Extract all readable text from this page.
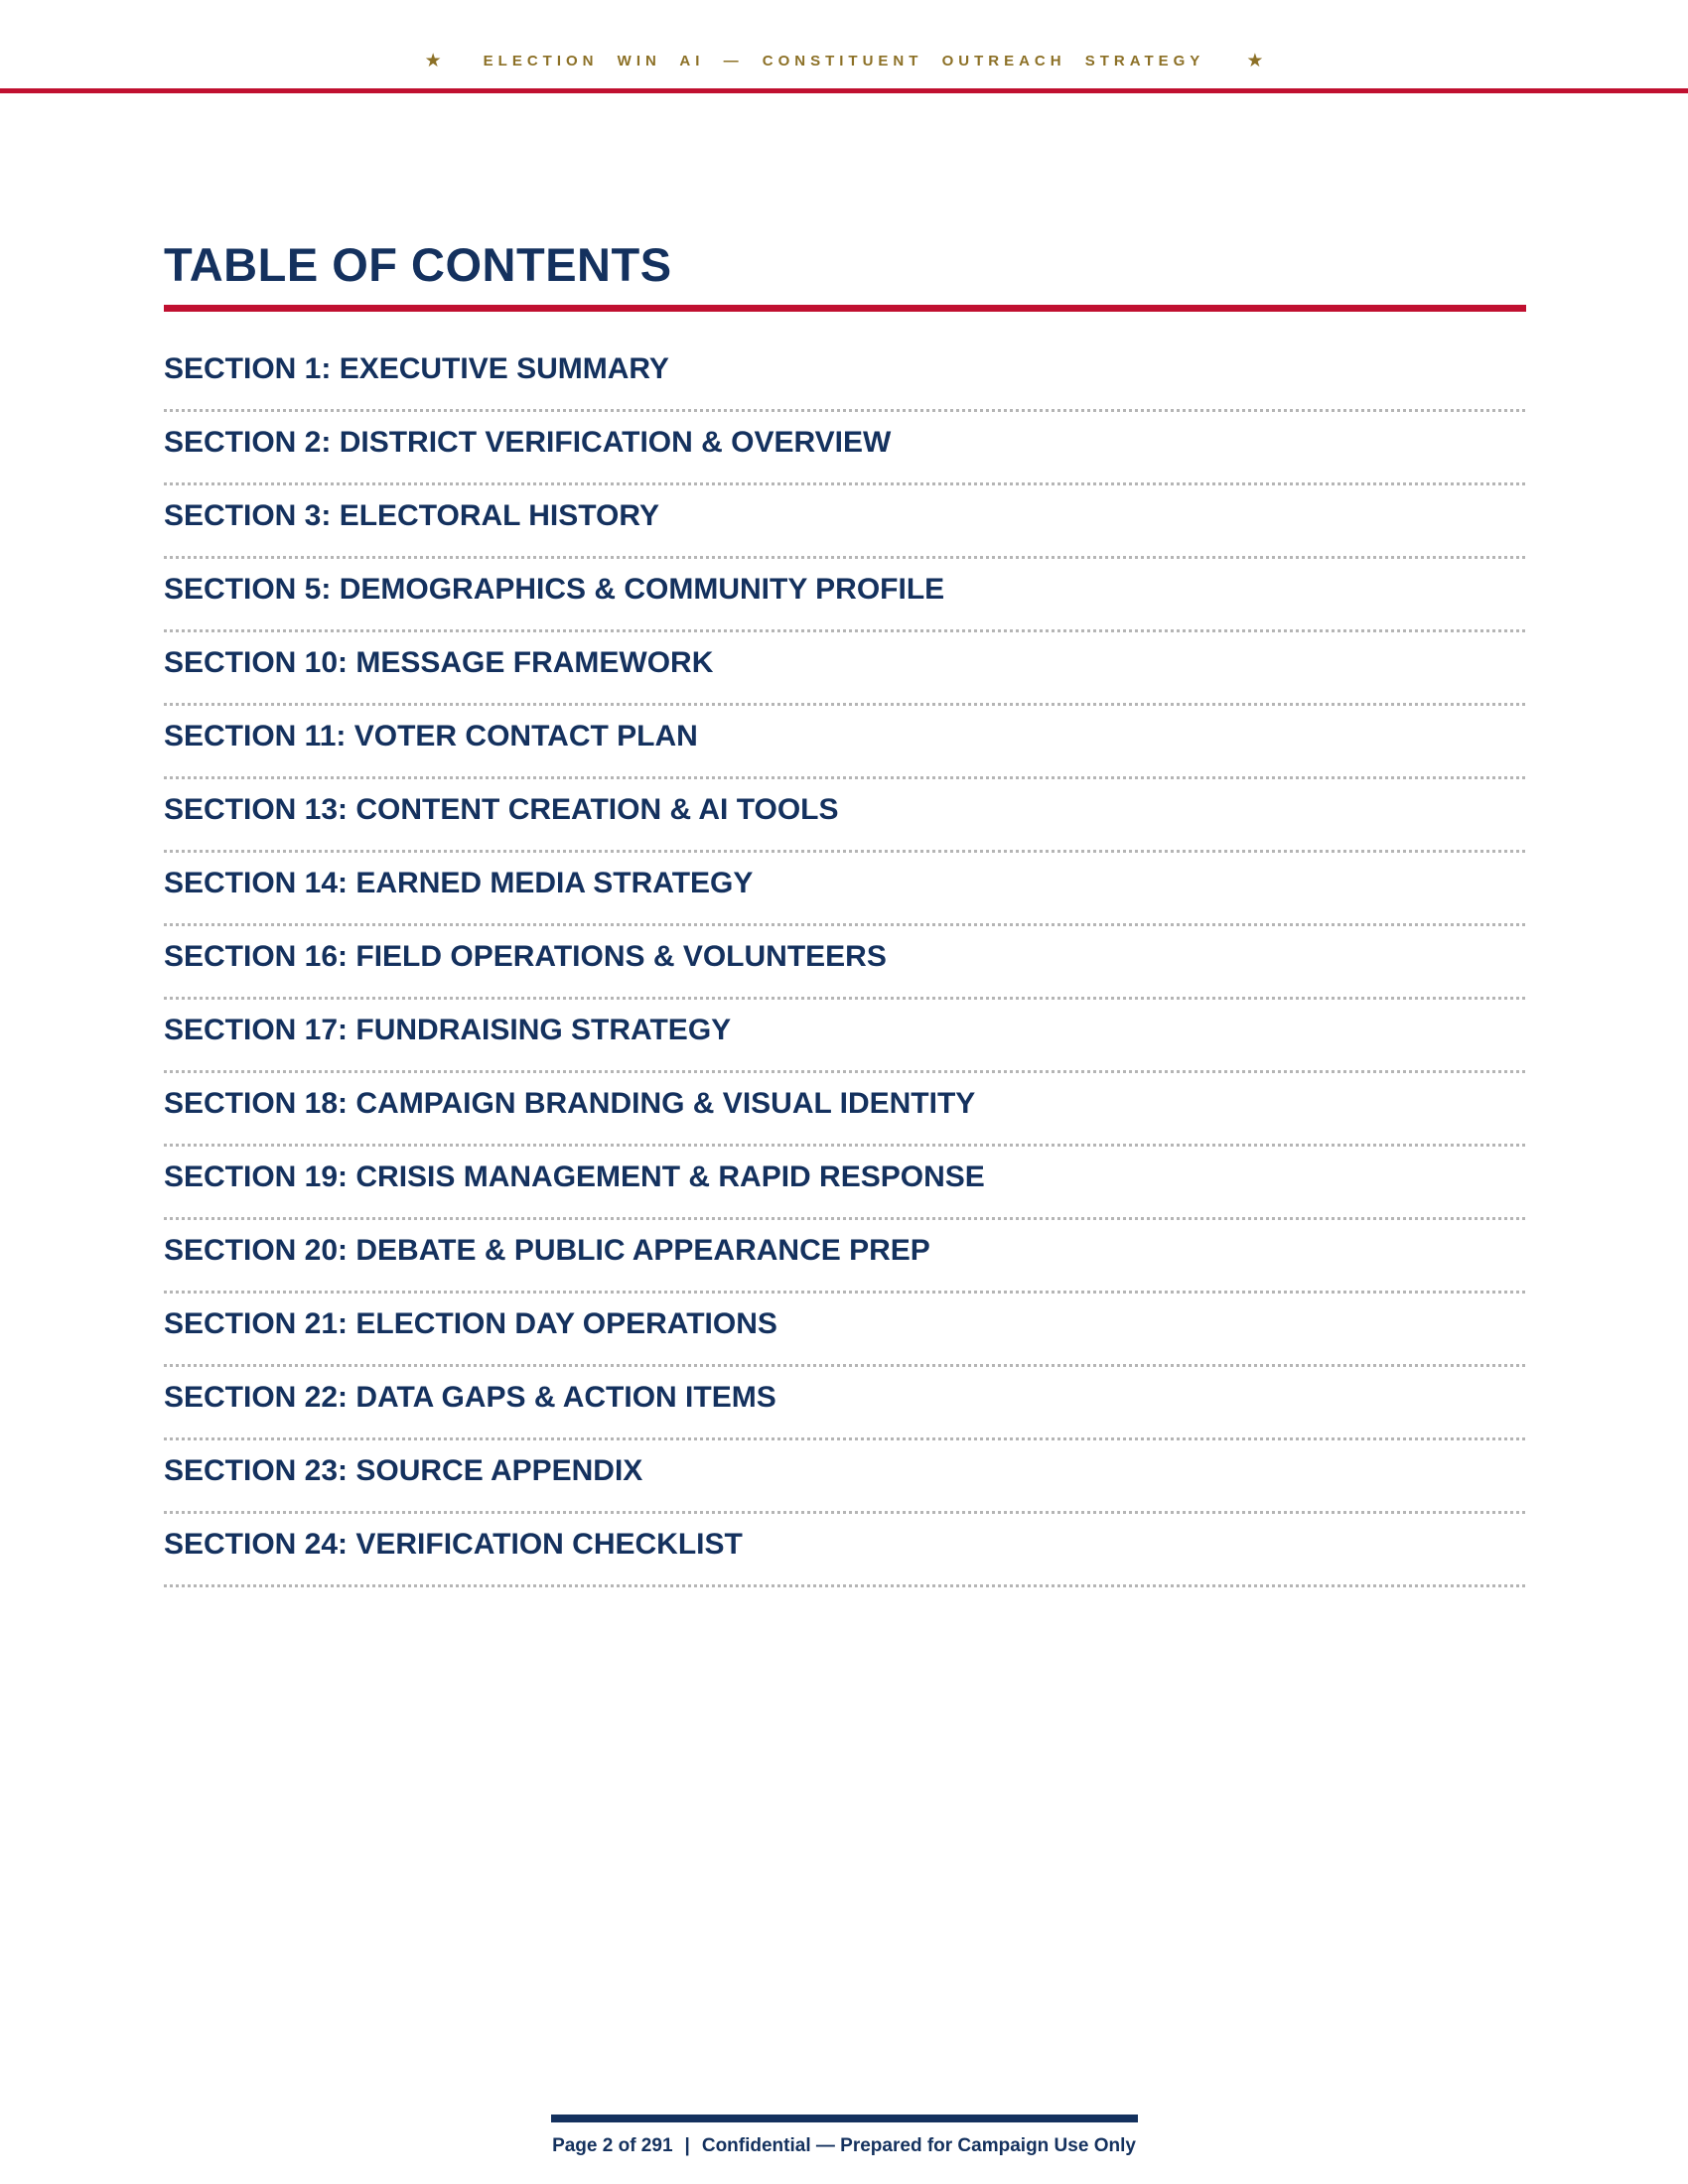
★	ELECTION WIN AI — CONSTITUENT OUTREACH STRATEGY ★
TABLE OF CONTENTS
SECTION 1: EXECUTIVE SUMMARY
SECTION 2: DISTRICT VERIFICATION & OVERVIEW
SECTION 3: ELECTORAL HISTORY
SECTION 5: DEMOGRAPHICS & COMMUNITY PROFILE
SECTION 10: MESSAGE FRAMEWORK
SECTION 11: VOTER CONTACT PLAN
SECTION 13: CONTENT CREATION & AI TOOLS
SECTION 14: EARNED MEDIA STRATEGY
SECTION 16: FIELD OPERATIONS & VOLUNTEERS
SECTION 17: FUNDRAISING STRATEGY
SECTION 18: CAMPAIGN BRANDING & VISUAL IDENTITY
SECTION 19: CRISIS MANAGEMENT & RAPID RESPONSE
SECTION 20: DEBATE & PUBLIC APPEARANCE PREP
SECTION 21: ELECTION DAY OPERATIONS
SECTION 22: DATA GAPS & ACTION ITEMS
SECTION 23: SOURCE APPENDIX
SECTION 24: VERIFICATION CHECKLIST
Page 2 of 291 | Confidential — Prepared for Campaign Use Only
